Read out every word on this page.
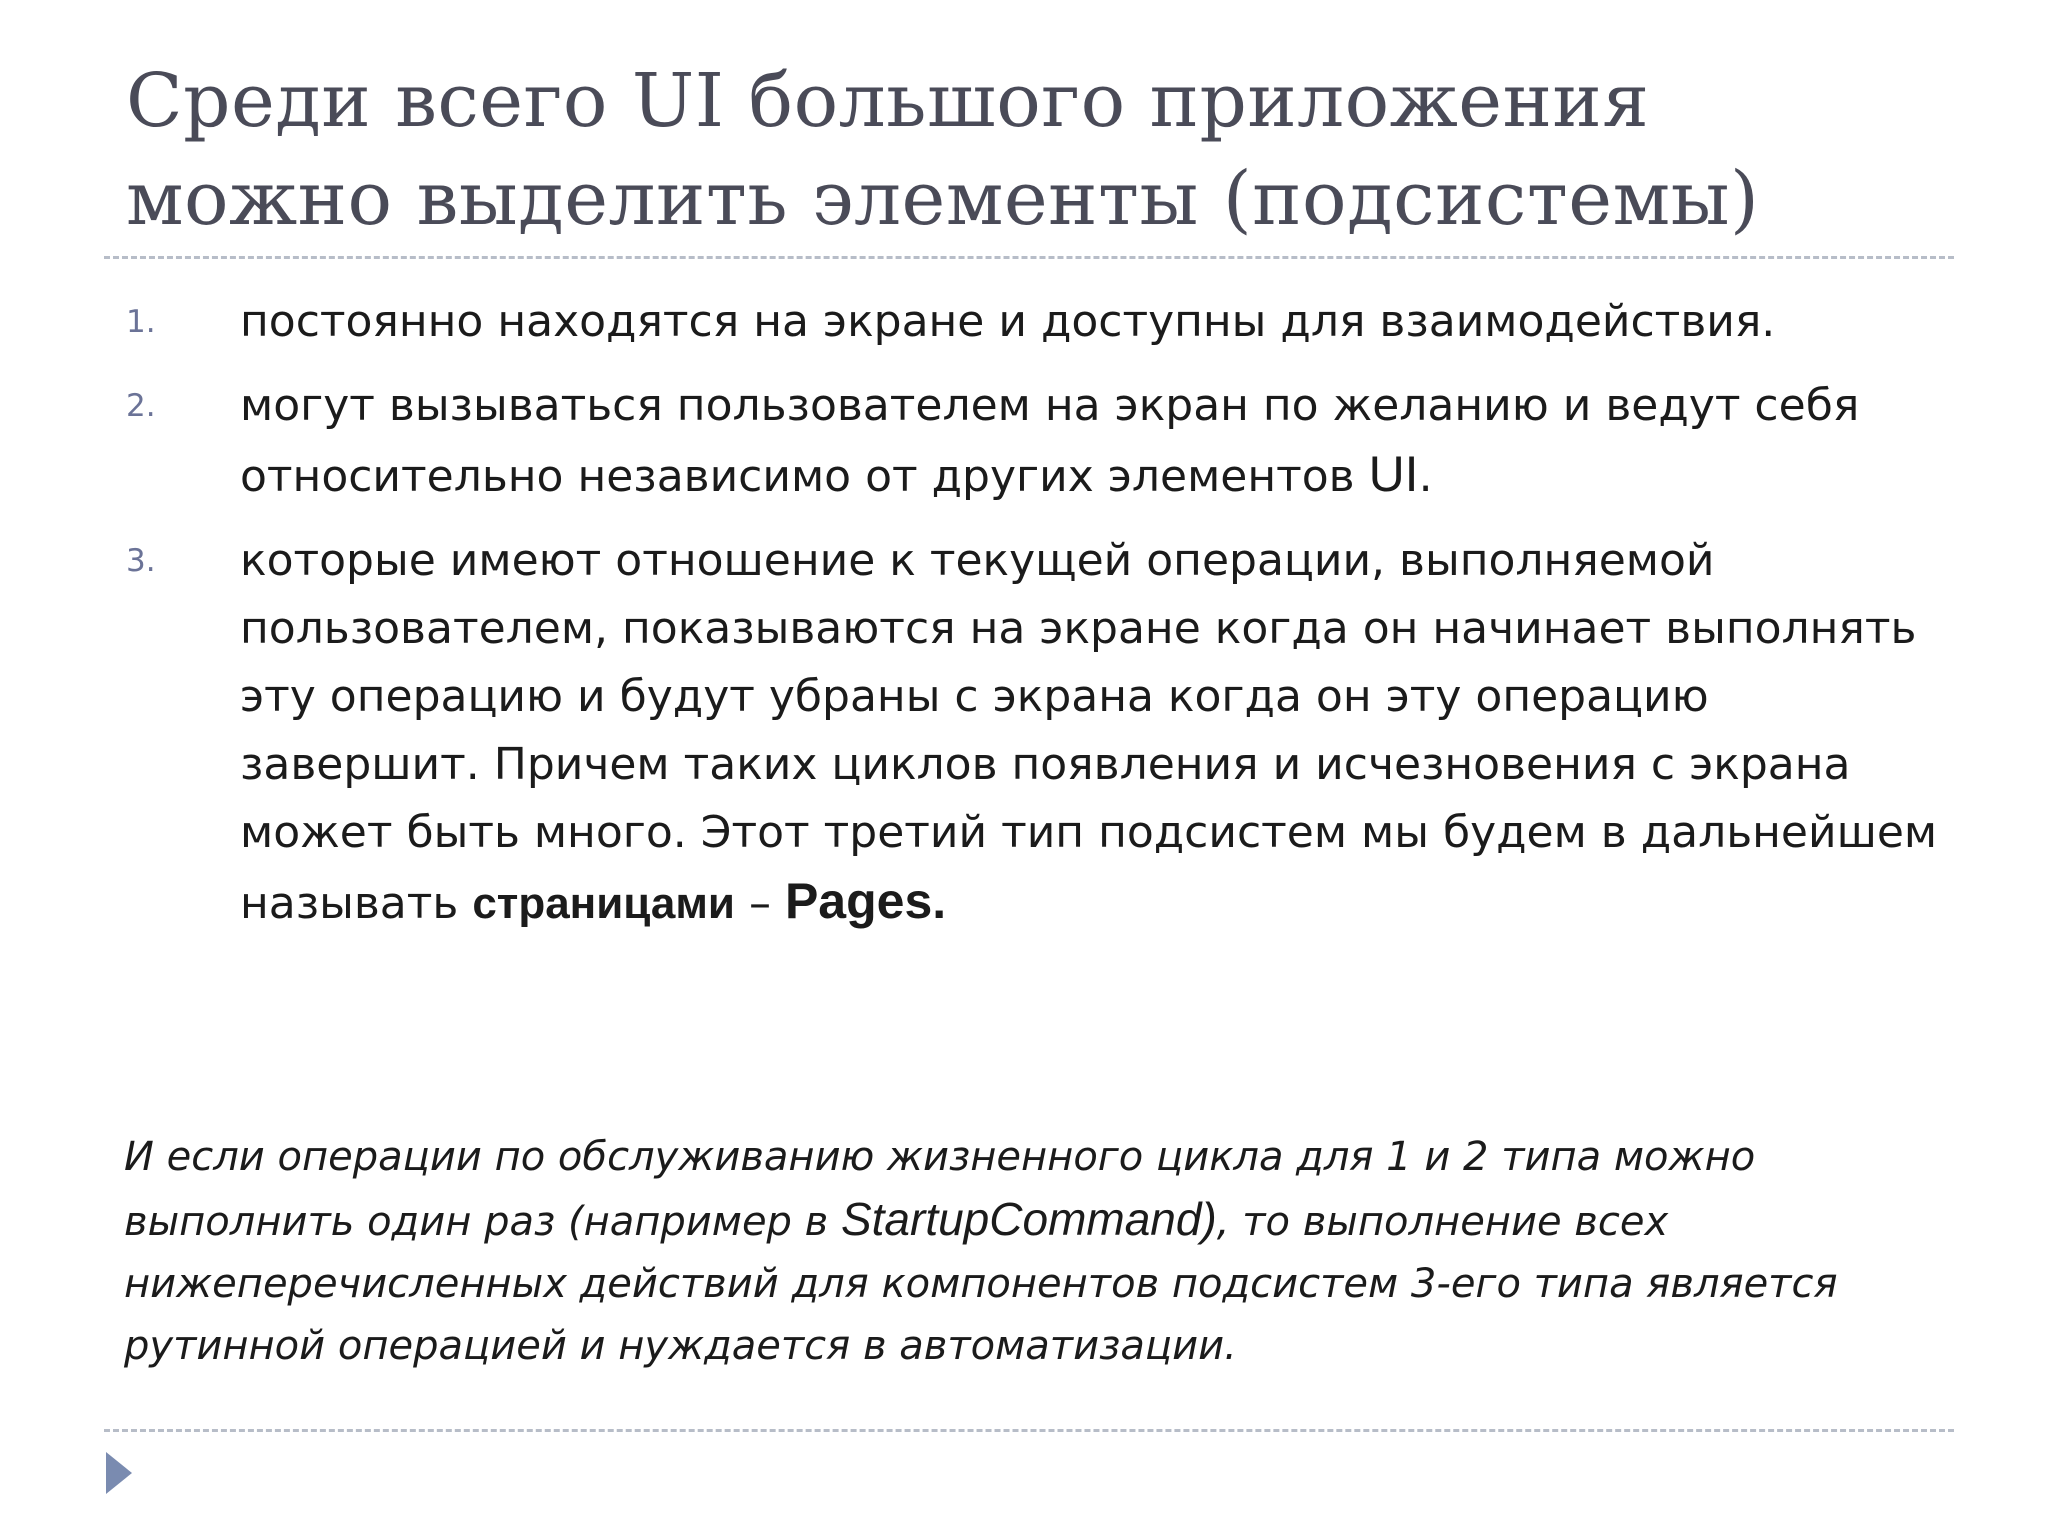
Среди всего UI большого приложения можно выделить элементы (подсистемы)
1. постоянно находятся на экране и доступны для взаимодействия.
2. могут вызываться пользователем на экран по желанию и ведут себя относительно независимо от других элементов UI.
3. которые имеют отношение к текущей операции, выполняемой пользователем, показываются на экране когда он начинает выполнять эту операцию и будут убраны с экрана когда он эту операцию завершит. Причем таких циклов появления и исчезновения с экрана может быть много. Этот третий тип подсистем мы будем в дальнейшем называть страницами – Pages.

И если операции по обслуживанию жизненного цикла для 1 и 2 типа можно выполнить один раз (например в StartupCommand), то выполнение всех нижеперечисленных действий для компонентов подсистем 3-его типа является рутинной операцией и нуждается в автоматизации.
